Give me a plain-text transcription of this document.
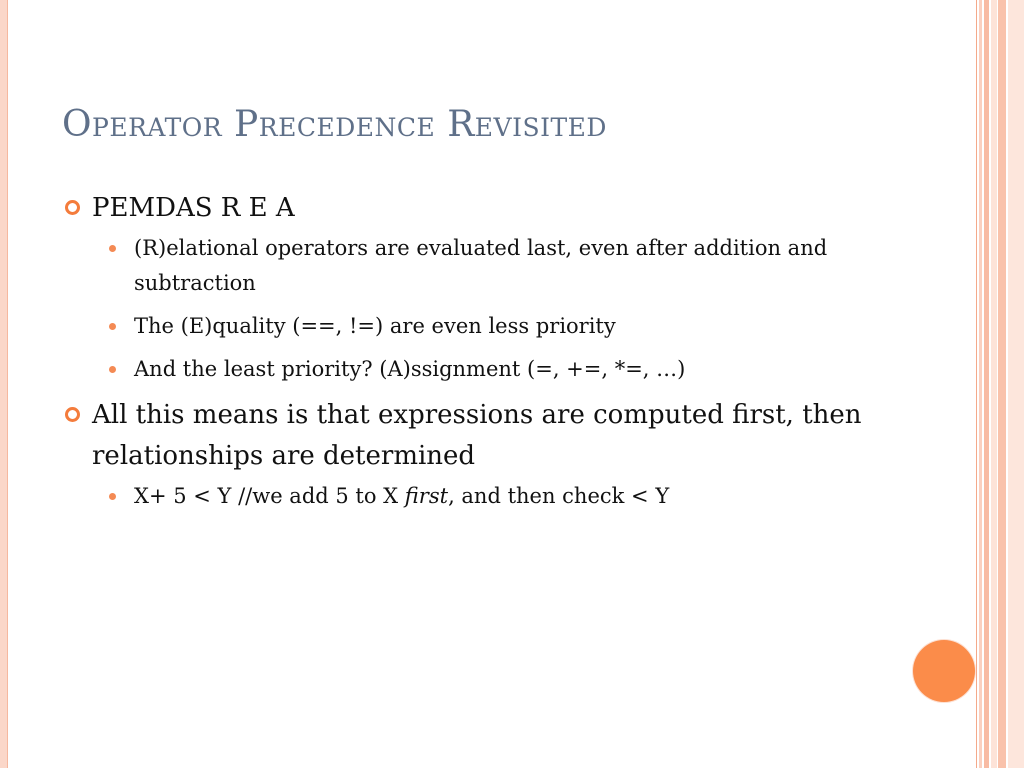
Operator Precedence Revisited
PEMDAS R E A
(R)elational operators are evaluated last, even after addition and subtraction
The (E)quality (==, !=) are even less priority
And the least priority? (A)ssignment (=, +=, *=, …)
All this means is that expressions are computed first, then relationships are determined
X+ 5 < Y //we add 5 to X first, and then check < Y
